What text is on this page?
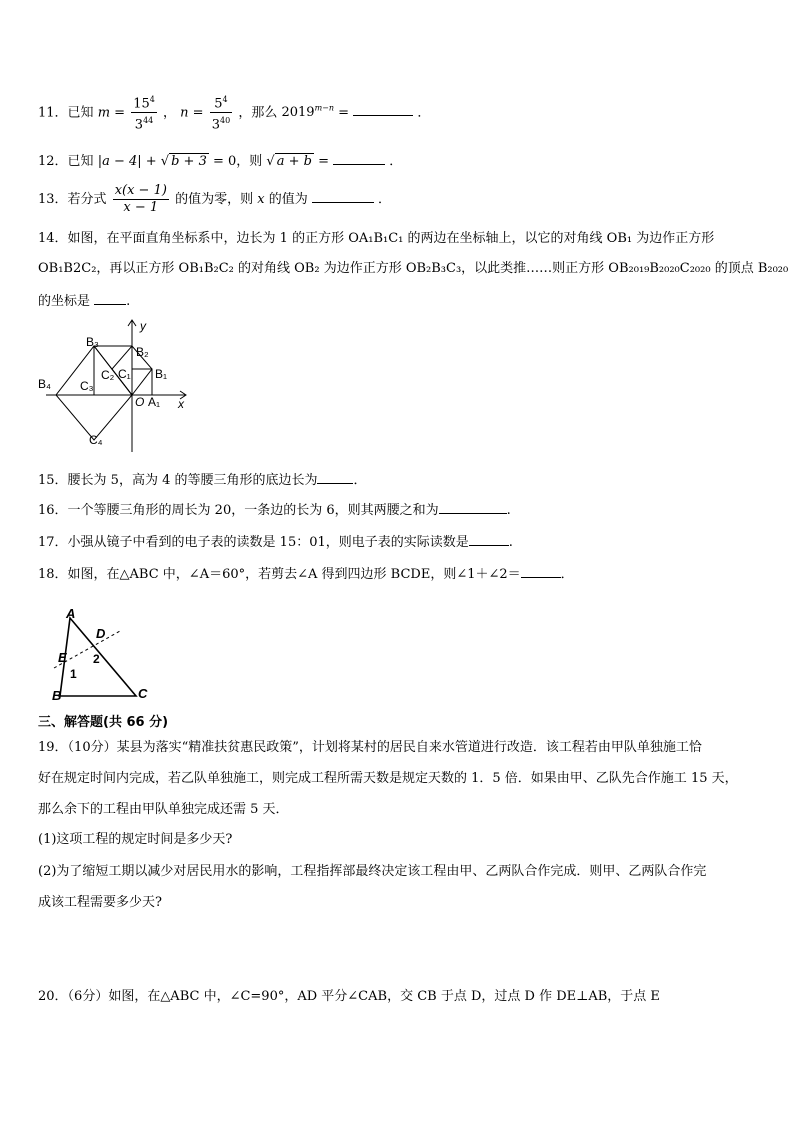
11．已知 $m = \frac{15^4}{3^{44}}$ ， $n = \frac{5^4}{3^{40}}$ ，那么 $2019^{m-n}$ =	．
12．已知 |a − 4| + √ b + 3 = 0，则 √ a + b =	．
13．若分式 $\frac{x(x - 1)}{x - 1}$ 的值为零，则 x 的值为	．
14．如图，在平面直角坐标系中，边长为 1 的正方形 OA₁B₁C₁ 的两边在坐标轴上，以它的对角线 OB₁ 为边作正方形
OB₁B2C₂，再以正方形 OB₁B₂C₂ 的对角线 OB₂ 为边作正方形 OB₂B₃C₃，以此类推……则正方形 OB₂₀₁₉B₂₀₂₀C₂₀₂₀ 的顶点 B₂₀₂₀
的坐标是	.
B₃
B₂
B₁
B₄
C₁
C₂
C₃
C₄
O A₁ x
y
15．腰长为 5，高为 4 的等腰三角形的底边长为	．
16．一个等腰三角形的周长为 20，一条边的长为 6，则其两腰之和为	.
17．小强从镜子中看到的电子表的读数是 15：01，则电子表的实际读数是	.
18．如图，在△ABC 中，∠A＝60°，若剪去∠A 得到四边形 BCDE，则∠1＋∠2＝	．
A
D
E
1
2
B	C
三、解答题(共 66 分)
19．（10分）某县为落实“精准扶贫惠民政策”，计划将某村的居民自来水管道进行改造．该工程若由甲队单独施工恰
好在规定时间内完成，若乙队单独施工，则完成工程所需天数是规定天数的 1．5 倍．如果由甲、乙队先合作施工 15 天，
那么余下的工程由甲队单独完成还需 5 天．
(1)这项工程的规定时间是多少天?
(2)为了缩短工期以减少对居民用水的影响，工程指挥部最终决定该工程由甲、乙两队合作完成．则甲、乙两队合作完
成该工程需要多少天?
20．（6分）如图，在△ABC 中，∠C=90°，AD 平分∠CAB，交 CB 于点 D，过点 D 作 DE⊥AB，于点 E
